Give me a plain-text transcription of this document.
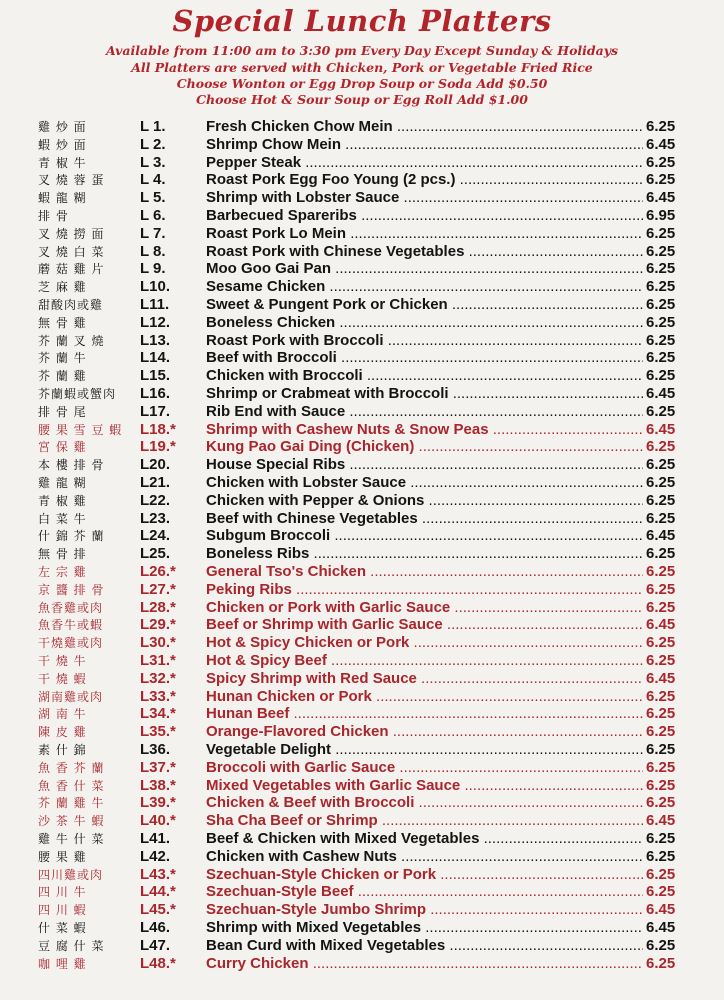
Special Lunch Platters
Available from 11:00 am to 3:30 pm Every Day Except Sunday & Holidays
All Platters are served with Chicken, Pork or Vegetable Fried Rice
Choose Wonton or Egg Drop Soup or Soda Add $0.50
Choose Hot & Sour Soup or Egg Roll Add $1.00
雞 炒 面	L 1.	Fresh Chicken Chow Mein .....	6.25
蝦 炒 面	L 2.	Shrimp Chow Mein .....	6.45
青 椒 牛	L 3.	Pepper Steak .....	6.25
叉 燒 蓉 蛋	L 4.	Roast Pork Egg Foo Young (2 pcs.) .....	6.25
蝦 龍 糊	L 5.	Shrimp with Lobster Sauce .....	6.45
排 骨	L 6.	Barbecued Spareribs .....	6.95
叉 燒 撈 面	L 7.	Roast Pork Lo Mein .....	6.25
叉 燒 白 菜	L 8.	Roast Pork with Chinese Vegetables .....	6.25
蘑 菇 雞 片	L 9.	Moo Goo Gai Pan .....	6.25
芝 麻 雞	L10.	Sesame Chicken .....	6.25
甜酸肉或雞	L11.	Sweet & Pungent Pork or Chicken .....	6.25
無 骨 雞	L12.	Boneless Chicken .....	6.25
芥 蘭 叉 燒	L13.	Roast Pork with Broccoli .....	6.25
芥 蘭 牛	L14.	Beef with Broccoli .....	6.25
芥 蘭 雞	L15.	Chicken with Broccoli .....	6.25
芥蘭蝦或蟹肉	L16.	Shrimp or Crabmeat with Broccoli .....	6.45
排 骨 尾	L17.	Rib End with Sauce .....	6.25
腰 果 雪 豆 蝦	L18.*	Shrimp with Cashew Nuts & Snow Peas .....	6.45
宮 保 雞	L19.*	Kung Pao Gai Ding (Chicken) .....	6.25
本 樓 排 骨	L20.	House Special Ribs .....	6.25
雞 龍 糊	L21.	Chicken with Lobster Sauce .....	6.25
青 椒 雞	L22.	Chicken with Pepper & Onions .....	6.25
白 菜 牛	L23.	Beef with Chinese Vegetables .....	6.25
什 錦 芥 蘭	L24.	Subgum Broccoli .....	6.45
無 骨 排	L25.	Boneless Ribs .....	6.25
左 宗 雞	L26.*	General Tso's Chicken .....	6.25
京 醬 排 骨	L27.*	Peking Ribs .....	6.25
魚香雞或肉	L28.*	Chicken or Pork with Garlic Sauce .....	6.25
魚香牛或蝦	L29.*	Beef or Shrimp with Garlic Sauce .....	6.45
干燒雞或肉	L30.*	Hot & Spicy Chicken or Pork .....	6.25
干 燒 牛	L31.*	Hot & Spicy Beef .....	6.25
干 燒 蝦	L32.*	Spicy Shrimp with Red Sauce .....	6.45
湖南雞或肉	L33.*	Hunan Chicken or Pork .....	6.25
湖 南 牛	L34.*	Hunan Beef .....	6.25
陳 皮 雞	L35.*	Orange-Flavored Chicken .....	6.25
素 什 錦	L36.	Vegetable Delight .....	6.25
魚 香 芥 蘭	L37.*	Broccoli with Garlic Sauce .....	6.25
魚 香 什 菜	L38.*	Mixed Vegetables with Garlic Sauce .....	6.25
芥 蘭 雞 牛	L39.*	Chicken & Beef with Broccoli .....	6.25
沙 茶 牛 蝦	L40.*	Sha Cha Beef or Shrimp .....	6.45
雞 牛 什 菜	L41.	Beef & Chicken with Mixed Vegetables .....	6.25
腰 果 雞	L42.	Chicken with Cashew Nuts .....	6.25
四川雞或肉	L43.*	Szechuan-Style Chicken or Pork .....	6.25
四 川 牛	L44.*	Szechuan-Style Beef .....	6.25
四 川 蝦	L45.*	Szechuan-Style Jumbo Shrimp .....	6.45
什 菜 蝦	L46.	Shrimp with Mixed Vegetables .....	6.45
豆 腐 什 菜	L47.	Bean Curd with Mixed Vegetables .....	6.25
咖 哩 雞	L48.*	Curry Chicken .....	6.25
